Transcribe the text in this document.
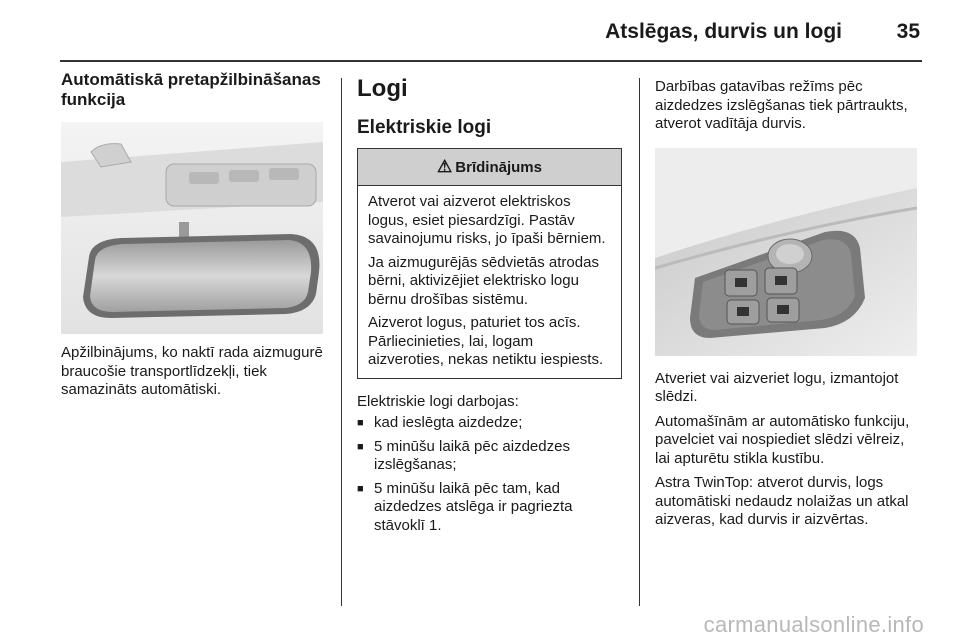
Atslēgas, durvis un logi	35
Automātiskā pretapžilbināšanas funkcija

Apžilbinājums, ko naktī rada aizmugurē braucošie transportlīdzekļi, tiek samazināts automātiski.

Logi
Elektriskie logi
⚠ Brīdinājums

Atverot vai aizverot elektriskos logus, esiet piesardzīgi. Pastāv savainojumu risks, jo īpaši bērniem.

Ja aizmugurējās sēdvietās atrodas bērni, aktivizējiet elektrisko logu bērnu drošības sistēmu.

Aizverot logus, paturiet tos acīs. Pārliecinieties, lai, logam aizveroties, nekas netiktu iespiests.

Elektriskie logi darbojas:

■ kad ieslēgta aizdedze;
■ 5 minūšu laikā pēc aizdedzes izslēgšanas;
■ 5 minūšu laikā pēc tam, kad aizdedzes atslēga ir pagriezta stāvoklī 1.

Darbības gatavības režīms pēc aizdedzes izslēgšanas tiek pārtraukts, atverot vadītāja durvis.

Atveriet vai aizveriet logu, izmantojot slēdzi.

Automašīnām ar automātisko funkciju, pavelciet vai nospiediet slēdzi vēlreiz, lai apturētu stikla kustību.

Astra TwinTop: atverot durvis, logs automātiski nedaudz nolaižas un atkal aizveras, kad durvis ir aizvērtas.

carmanualsonline.info
